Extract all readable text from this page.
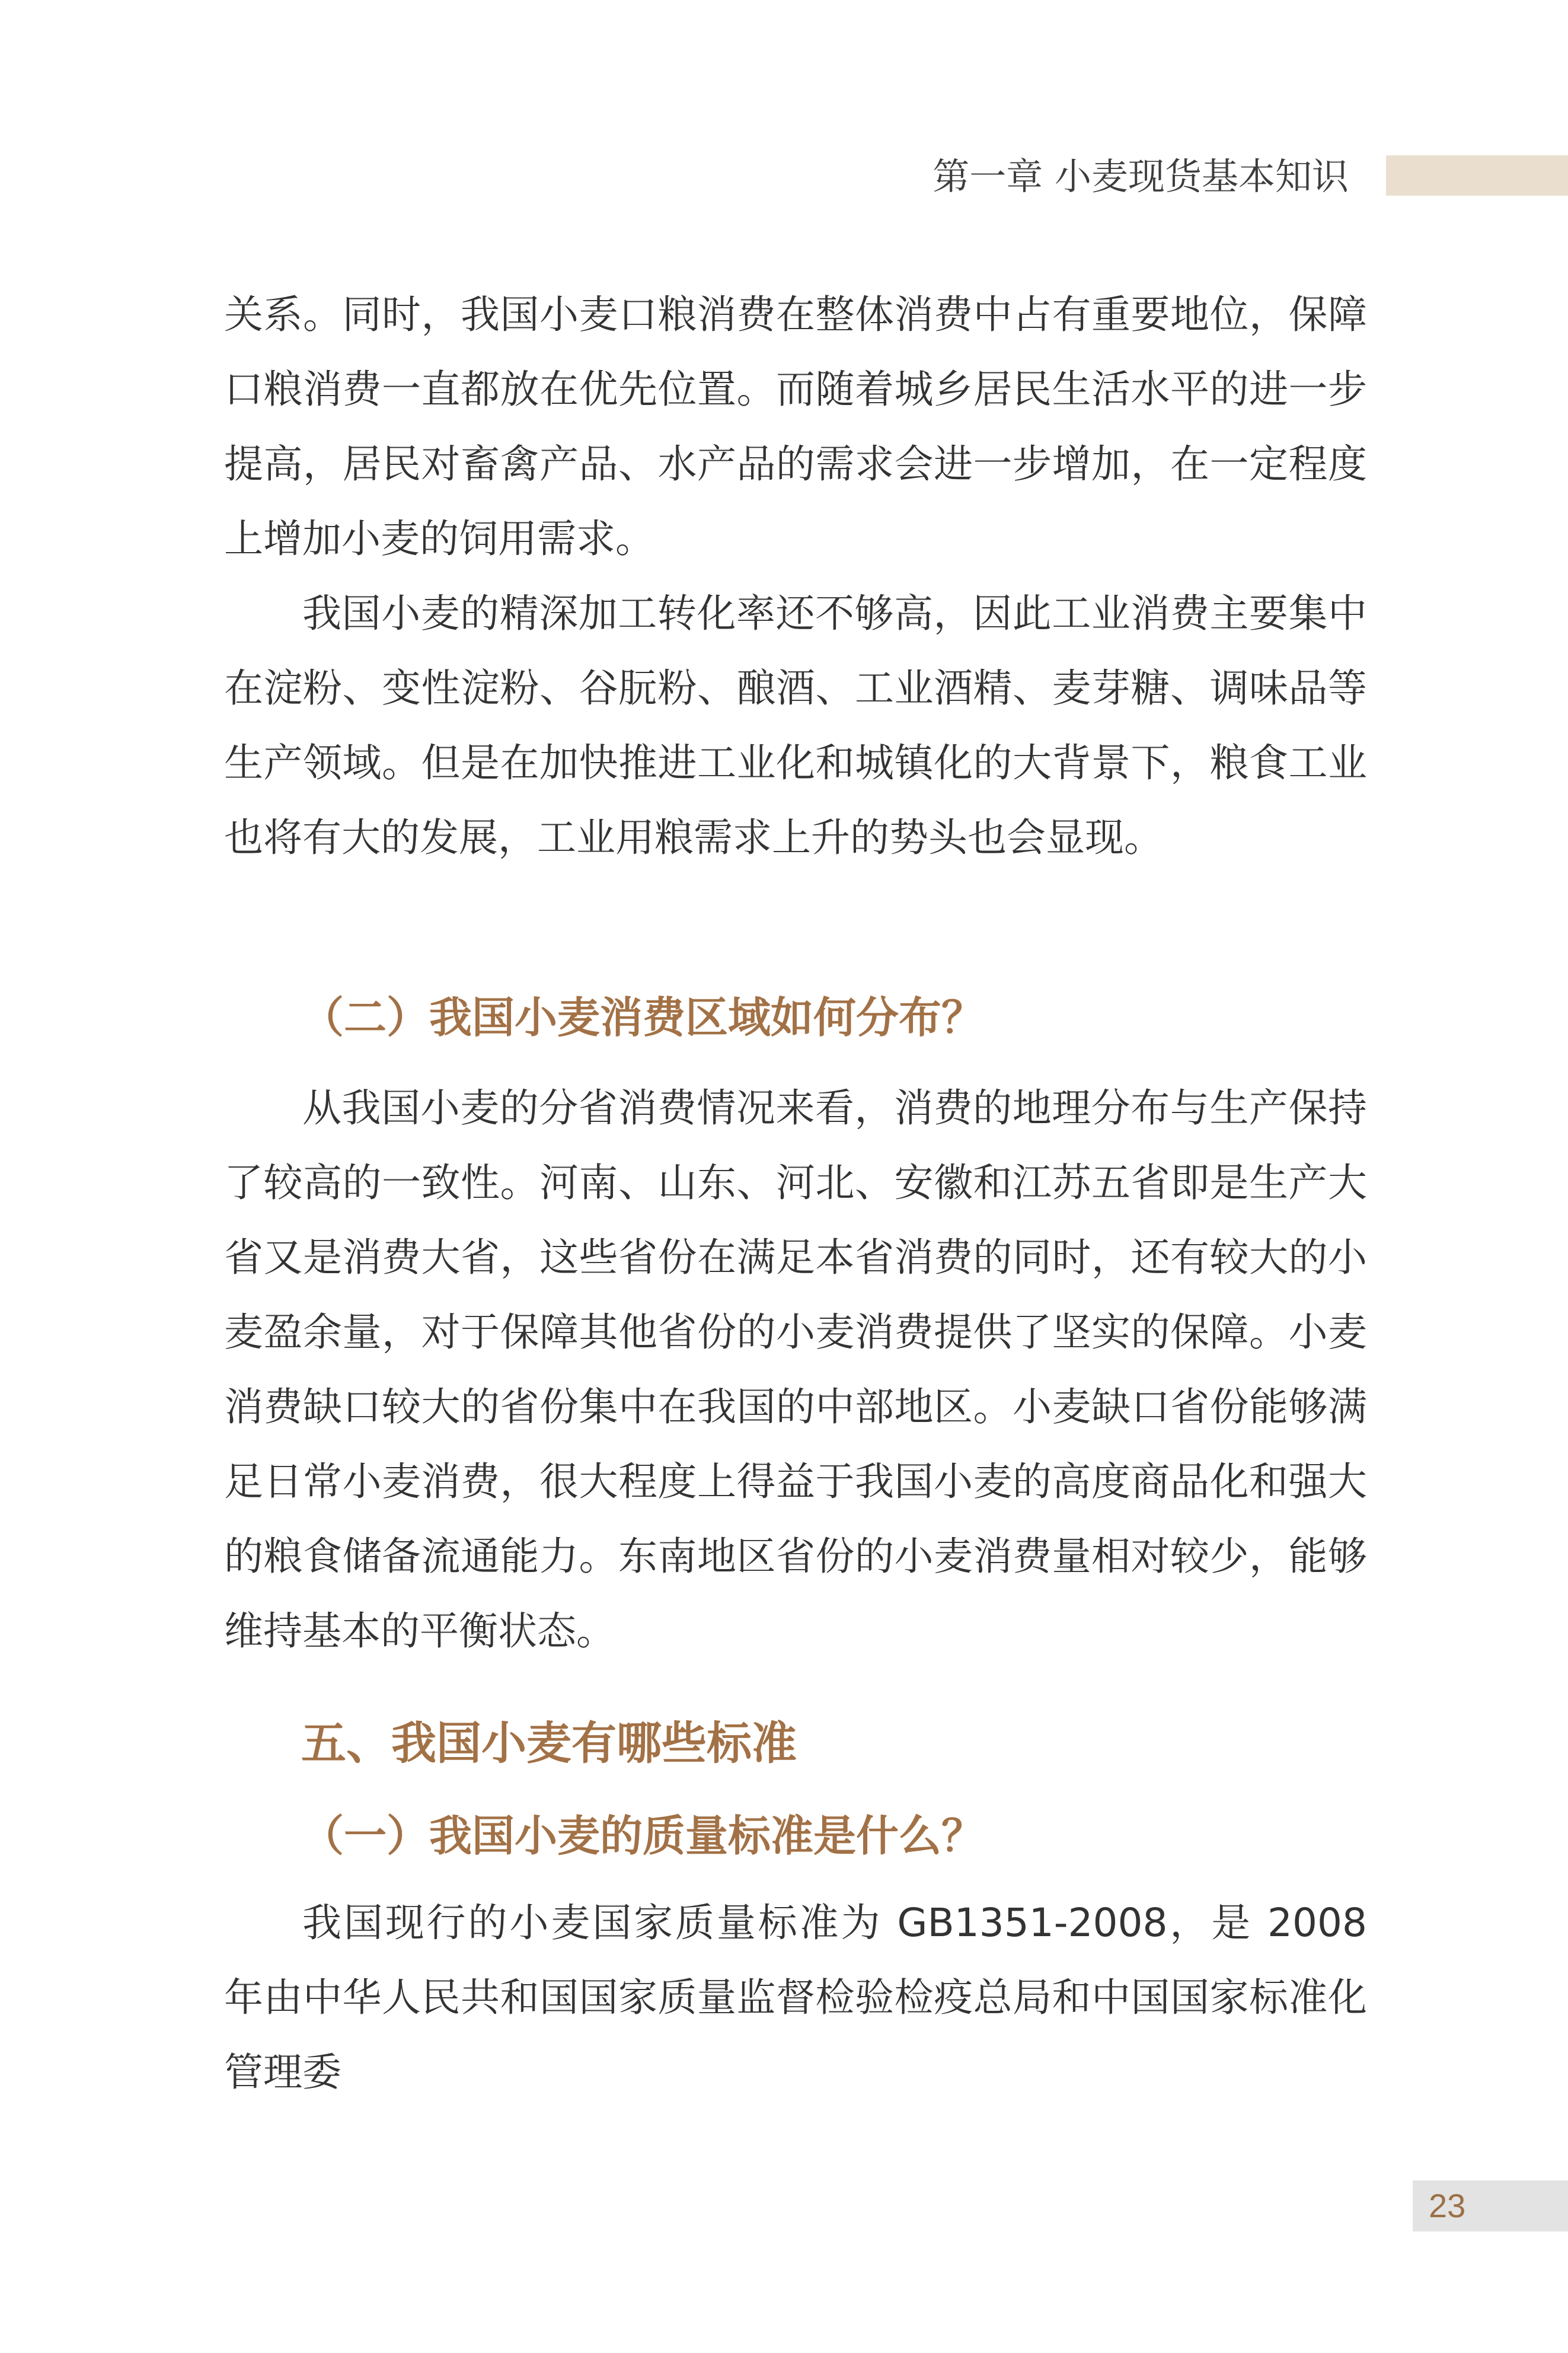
第一章 小麦现货基本知识

关系。同时，我国小麦口粮消费在整体消费中占有重要地位，保障口粮消费一直都放在优先位置。而随着城乡居民生活水平的进一步提高，居民对畜禽产品、水产品的需求会进一步增加，在一定程度上增加小麦的饲用需求。

我国小麦的精深加工转化率还不够高，因此工业消费主要集中在淀粉、变性淀粉、谷朊粉、酿酒、工业酒精、麦芽糖、调味品等生产领域。但是在加快推进工业化和城镇化的大背景下，粮食工业也将有大的发展，工业用粮需求上升的势头也会显现。

（二）我国小麦消费区域如何分布？

从我国小麦的分省消费情况来看，消费的地理分布与生产保持了较高的一致性。河南、山东、河北、安徽和江苏五省即是生产大省又是消费大省，这些省份在满足本省消费的同时，还有较大的小麦盈余量，对于保障其他省份的小麦消费提供了坚实的保障。小麦消费缺口较大的省份集中在我国的中部地区。小麦缺口省份能够满足日常小麦消费，很大程度上得益于我国小麦的高度商品化和强大的粮食储备流通能力。东南地区省份的小麦消费量相对较少，能够维持基本的平衡状态。

五、我国小麦有哪些标准
（一）我国小麦的质量标准是什么？

我国现行的小麦国家质量标准为 GB1351-2008，是 2008 年由中华人民共和国国家质量监督检验检疫总局和中国国家标准化管理委

23
